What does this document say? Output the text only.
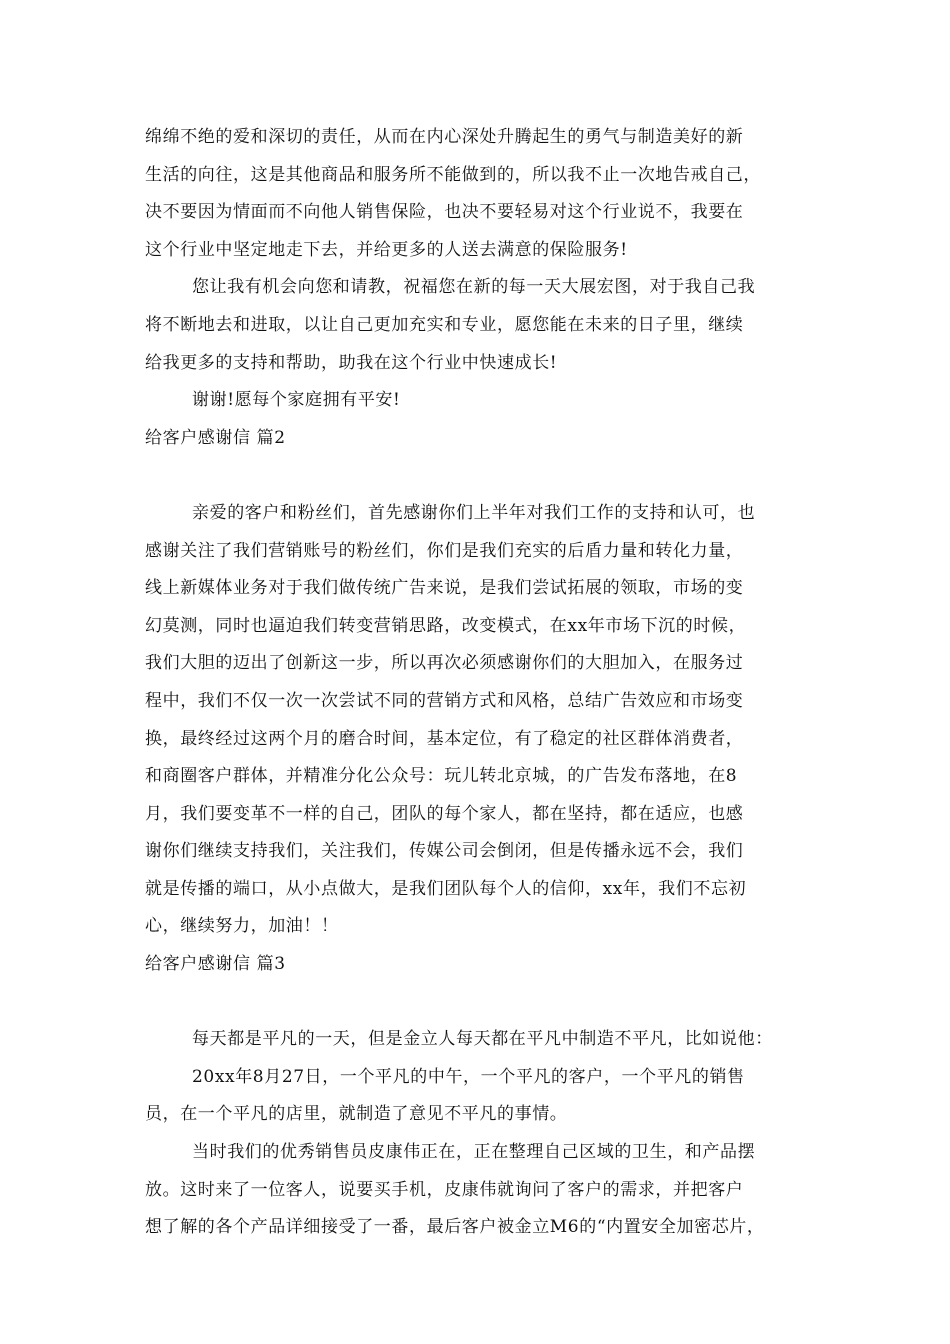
绵绵不绝的爱和深切的责任，从而在内心深处升腾起生的勇气与制造美好的新
生活的向往，这是其他商品和服务所不能做到的，所以我不止一次地告戒自己，
决不要因为情面而不向他人销售保险，也决不要轻易对这个行业说不，我要在
这个行业中坚定地走下去，并给更多的人送去满意的保险服务!
您让我有机会向您和请教，祝福您在新的每一天大展宏图，对于我自己我
将不断地去和进取，以让自己更加充实和专业，愿您能在未来的日子里，继续
给我更多的支持和帮助，助我在这个行业中快速成长!
谢谢!愿每个家庭拥有平安!
给客户感谢信 篇2
亲爱的客户和粉丝们，首先感谢你们上半年对我们工作的支持和认可，也
感谢关注了我们营销账号的粉丝们，你们是我们充实的后盾力量和转化力量，
线上新媒体业务对于我们做传统广告来说，是我们尝试拓展的领取，市场的变
幻莫测，同时也逼迫我们转变营销思路，改变模式，在xx年市场下沉的时候，
我们大胆的迈出了创新这一步，所以再次必须感谢你们的大胆加入，在服务过
程中，我们不仅一次一次尝试不同的营销方式和风格，总结广告效应和市场变
换，最终经过这两个月的磨合时间，基本定位，有了稳定的社区群体消费者，
和商圈客户群体，并精准分化公众号：玩儿转北京城，的广告发布落地，在8
月，我们要变革不一样的自己，团队的每个家人，都在坚持，都在适应，也感
谢你们继续支持我们，关注我们，传媒公司会倒闭，但是传播永远不会，我们
就是传播的端口，从小点做大，是我们团队每个人的信仰，xx年，我们不忘初
心，继续努力，加油！！
给客户感谢信 篇3
每天都是平凡的一天，但是金立人每天都在平凡中制造不平凡，比如说他：
20xx年8月27日，一个平凡的中午，一个平凡的客户，一个平凡的销售
员，在一个平凡的店里，就制造了意见不平凡的事情。
当时我们的优秀销售员皮康伟正在，正在整理自己区域的卫生，和产品摆
放。这时来了一位客人，说要买手机，皮康伟就询问了客户的需求，并把客户
想了解的各个产品详细接受了一番，最后客户被金立M6的“内置安全加密芯片，
